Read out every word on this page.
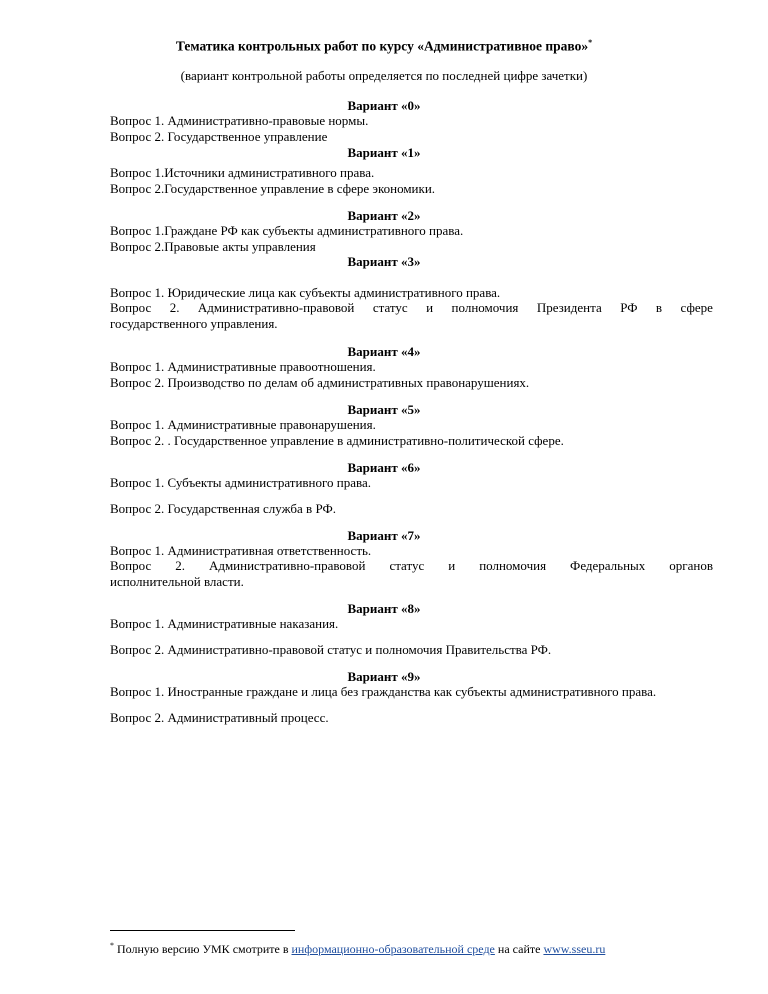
Тематика контрольных работ по курсу «Административное право»*
(вариант контрольной работы определяется по последней цифре зачетки)
Вариант «0»
Вопрос 1. Административно-правовые нормы.
Вопрос 2. Государственное управление
Вариант «1»
Вопрос 1.Источники административного права.
Вопрос 2.Государственное управление в сфере экономики.
Вариант «2»
Вопрос 1.Граждане РФ как субъекты административного права.
Вопрос 2.Правовые акты управления
Вариант «3»
Вопрос 1. Юридические лица как субъекты административного права.
Вопрос 2. Административно-правовой статус и полномочия Президента РФ в сфере
государственного управления.
Вариант «4»
Вопрос 1. Административные правоотношения.
Вопрос 2. Производство по делам об административных правонарушениях.
Вариант «5»
Вопрос 1. Административные правонарушения.
Вопрос 2. . Государственное управление в административно-политической сфере.
Вариант «6»
Вопрос 1. Субъекты административного права.
Вопрос 2. Государственная служба в РФ.
Вариант «7»
Вопрос 1. Административная ответственность.
Вопрос 2. Административно-правовой статус и полномочия Федеральных органов
исполнительной власти.
Вариант «8»
Вопрос 1. Административные наказания.
Вопрос 2. Административно-правовой статус и полномочия Правительства РФ.
Вариант «9»
Вопрос 1. Иностранные граждане и лица без гражданства как субъекты административного права.
Вопрос 2. Административный процесс.
* Полную версию УМК смотрите в информационно-образовательной среде на сайте www.sseu.ru
